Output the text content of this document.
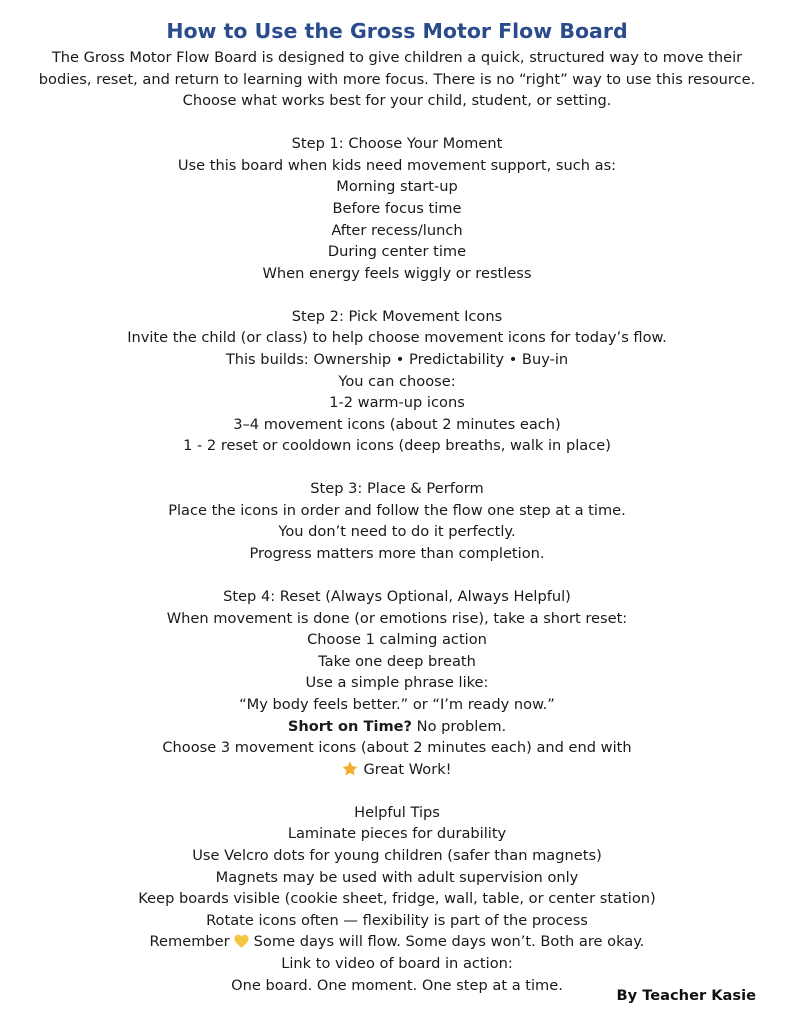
How to Use the Gross Motor Flow Board
The Gross Motor Flow Board is designed to give children a quick, structured way to move their
bodies, reset, and return to learning with more focus. There is no “right” way to use this resource.
Choose what works best for your child, student, or setting.
Step 1: Choose Your Moment
Use this board when kids need movement support, such as:
Morning start-up
Before focus time
After recess/lunch
During center time
When energy feels wiggly or restless
Step 2: Pick Movement Icons
Invite the child (or class) to help choose movement icons for today’s flow.
This builds: Ownership • Predictability • Buy-in
You can choose:
1-2 warm-up icons
3–4 movement icons (about 2 minutes each)
1 - 2 reset or cooldown icons (deep breaths, walk in place)
Step 3: Place & Perform
Place the icons in order and follow the flow one step at a time.
You don’t need to do it perfectly.
Progress matters more than completion.
Step 4: Reset (Always Optional, Always Helpful)
When movement is done (or emotions rise), take a short reset:
Choose 1 calming action
Take one deep breath
Use a simple phrase like:
“My body feels better.” or “I’m ready now.”
Short on Time? No problem.
Choose 3 movement icons (about 2 minutes each) and end with
Great Work!
Helpful Tips
Laminate pieces for durability
Use Velcro dots for young children (safer than magnets)
Magnets may be used with adult supervision only
Keep boards visible (cookie sheet, fridge, wall, table, or center station)
Rotate icons often — flexibility is part of the process
Remember Some days will flow. Some days won’t. Both are okay.
Link to video of board in action:
One board. One moment. One step at a time.
By Teacher Kasie
